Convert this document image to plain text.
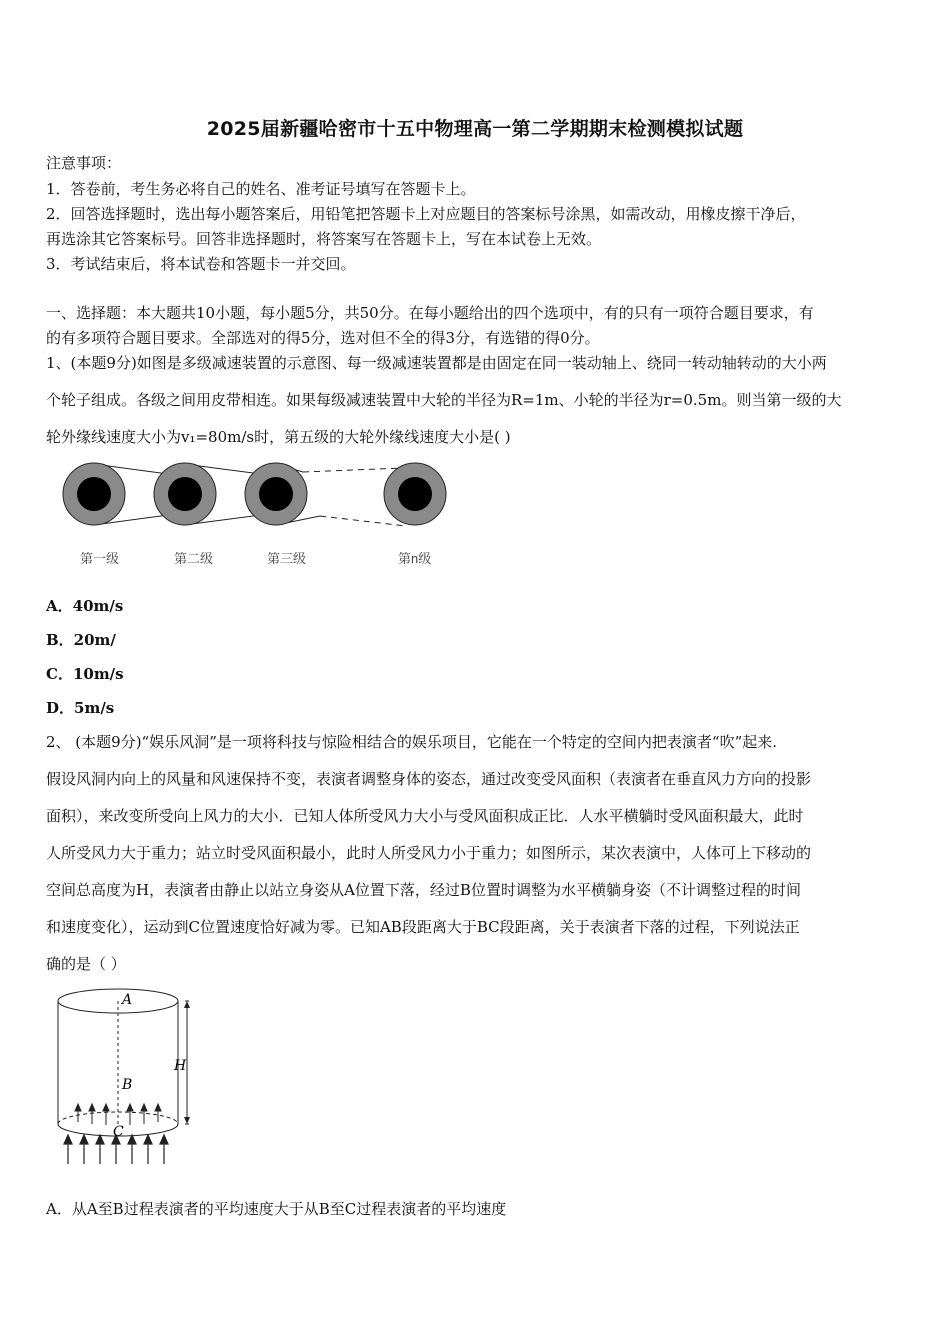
2025届新疆哈密市十五中物理高一第二学期期末检测模拟试题
注意事项：
1．答卷前，考生务必将自己的姓名、准考证号填写在答题卡上。
2．回答选择题时，选出每小题答案后，用铅笔把答题卡上对应题目的答案标号涂黑，如需改动，用橡皮擦干净后，
再选涂其它答案标号。回答非选择题时，将答案写在答题卡上，写在本试卷上无效。
3．考试结束后，将本试卷和答题卡一并交回。
一、选择题：本大题共10小题，每小题5分，共50分。在每小题给出的四个选项中，有的只有一项符合题目要求，有
的有多项符合题目要求。全部选对的得5分，选对但不全的得3分，有选错的得0分。
1、(本题9分)如图是多级减速装置的示意图、每一级减速装置都是由固定在同一装动轴上、绕同一转动轴转动的大小两
个轮子组成。各级之间用皮带相连。如果每级减速装置中大轮的半径为R=1m、小轮的半径为r=0.5m。则当第一级的大
轮外缘线速度大小为v₁=80m/s时，第五级的大轮外缘线速度大小是( )
第一级	第二级	第三级	第n级
A．40m/s
B．20m/
C．10m/s
D．5m/s
2、 (本题9分)“娱乐风洞”是一项将科技与惊险相结合的娱乐项目，它能在一个特定的空间内把表演者“吹”起来.
假设风洞内向上的风量和风速保持不变，表演者调整身体的姿态，通过改变受风面积（表演者在垂直风力方向的投影
面积），来改变所受向上风力的大小．已知人体所受风力大小与受风面积成正比．人水平横躺时受风面积最大，此时
人所受风力大于重力；站立时受风面积最小，此时人所受风力小于重力；如图所示，某次表演中，人体可上下移动的
空间总高度为H，表演者由静止以站立身姿从A位置下落，经过B位置时调整为水平横躺身姿（不计调整过程的时间
和速度变化），运动到C位置速度恰好减为零。已知AB段距离大于BC段距离，关于表演者下落的过程，下列说法正
确的是（ ）
A
B
C
H
A．从A至B过程表演者的平均速度大于从B至C过程表演者的平均速度
